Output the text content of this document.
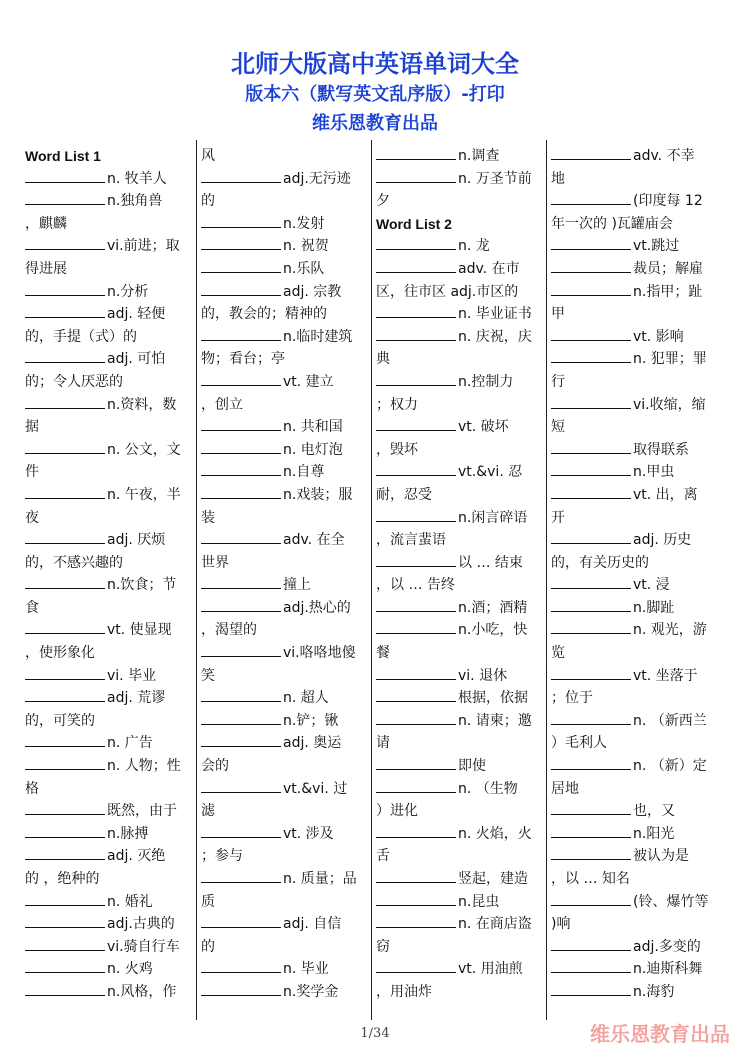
北师大版高中英语单词大全
版本六（默写英文乱序版）-打印
维乐恩教育出品
Word List 1
n. 牧羊人
n.独角兽
，麒麟
vi.前进；取
得进展
n.分析
adj. 轻便
的，手提（式）的
adj. 可怕
的；令人厌恶的
n.资料，数
据
n. 公文，文
件
n. 午夜，半
夜
adj. 厌烦
的，不感兴趣的
n.饮食；节
食
vt. 使显现
，使形象化
vi. 毕业
adj. 荒谬
的，可笑的
n. 广告
n. 人物；性
格
既然，由于
n.脉搏
adj. 灭绝
的 ，绝种的
n. 婚礼
adj.古典的
vi.骑自行车
n. 火鸡
n.风格，作
风
adj.无污迹
的
n.发射
n. 祝贺
n.乐队
adj. 宗教
的，教会的；精神的
n.临时建筑
物；看台；亭
vt. 建立
，创立
n. 共和国
n. 电灯泡
n.自尊
n.戏装；服
装
adv. 在全
世界
撞上
adj.热心的
，渴望的
vi.咯咯地傻
笑
n. 超人
n.铲；锹
adj. 奥运
会的
vt.&vi. 过
滤
vt. 涉及
；参与
n. 质量；品
质
adj. 自信
的
n. 毕业
n.奖学金
n.调查
n. 万圣节前
夕
Word List 2
n. 龙
adv. 在市
区，往市区 adj.市区的
n. 毕业证书
n. 庆祝，庆
典
n.控制力
；权力
vt. 破坏
，毁坏
vt.&vi. 忍
耐，忍受
n.闲言碎语
，流言蜚语
以 … 结束
，以 … 告终
n.酒；酒精
n.小吃，快
餐
vi. 退休
根据，依据
n. 请柬；邀
请
即使
n. （生物
）进化
n. 火焰，火
舌
竖起，建造
n.昆虫
n. 在商店盗
窃
vt. 用油煎
，用油炸
adv. 不幸
地
(印度每 12
年一次的 )瓦罐庙会
vt.跳过
裁员；解雇
n.指甲；趾
甲
vt. 影响
n. 犯罪；罪
行
vi.收缩，缩
短
取得联系
n.甲虫
vt. 出，离
开
adj. 历史
的，有关历史的
vt. 浸
n.脚趾
n. 观光，游
览
vt. 坐落于
；位于
n. （新西兰
）毛利人
n. （新）定
居地
也，又
n.阳光
被认为是
，以 … 知名
(铃、爆竹等
)响
adj.多变的
n.迪斯科舞
n.海豹
1/34	维乐恩教育出品
